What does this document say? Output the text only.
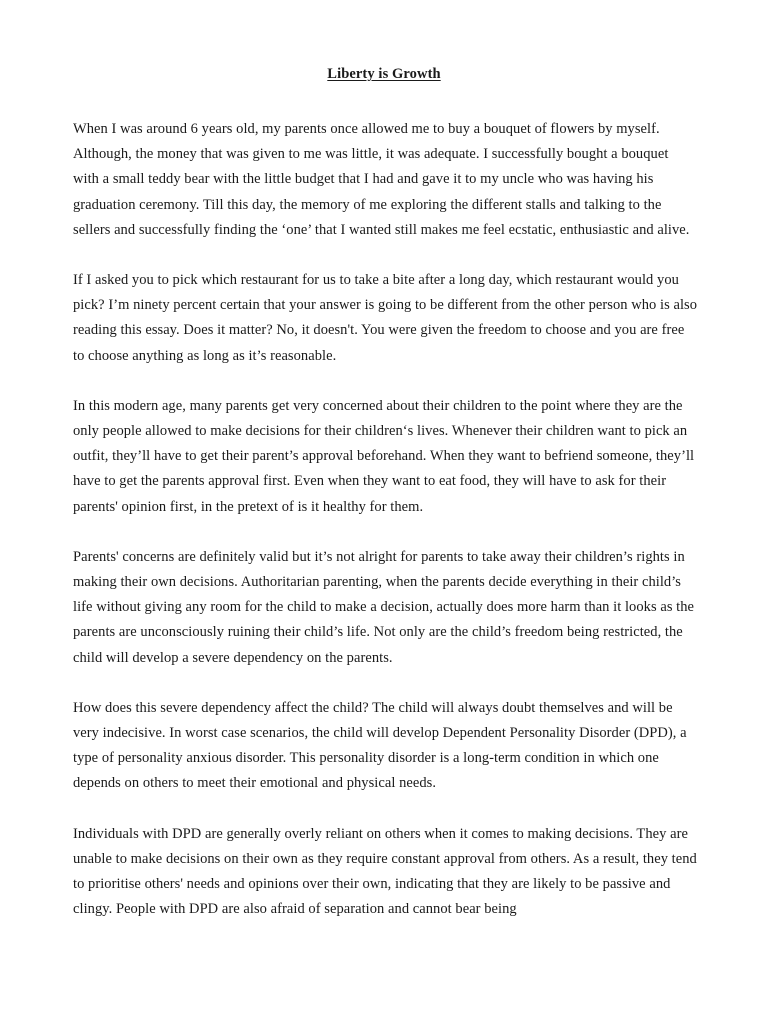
Liberty is Growth

When I was around 6 years old, my parents once allowed me to buy a bouquet of flowers by myself. Although, the money that was given to me was little, it was adequate. I successfully bought a bouquet with a small teddy bear with the little budget that I had and gave it to my uncle who was having his graduation ceremony. Till this day, the memory of me exploring the different stalls and talking to the sellers and successfully finding the ‘one’ that I wanted still makes me feel ecstatic, enthusiastic and alive.

If I asked you to pick which restaurant for us to take a bite after a long day, which restaurant would you pick? I’m ninety percent certain that your answer is going to be different from the other person who is also reading this essay. Does it matter? No, it doesn't. You were given the freedom to choose and you are free to choose anything as long as it’s reasonable.

In this modern age, many parents get very concerned about their children to the point where they are the only people allowed to make decisions for their children‘s lives. Whenever their children want to pick an outfit, they’ll have to get their parent’s approval beforehand. When they want to befriend someone, they’ll have to get the parents approval first. Even when they want to eat food, they will have to ask for their parents' opinion first, in the pretext of is it healthy for them.

Parents' concerns are definitely valid but it’s not alright for parents to take away their children’s rights in making their own decisions. Authoritarian parenting, when the parents decide everything in their child’s life without giving any room for the child to make a decision, actually does more harm than it looks as the parents are unconsciously ruining their child’s life. Not only are the child’s freedom being restricted, the child will develop a severe dependency on the parents.

How does this severe dependency affect the child? The child will always doubt themselves and will be very indecisive. In worst case scenarios, the child will develop Dependent Personality Disorder (DPD), a type of personality anxious disorder. This personality disorder is a long-term condition in which one depends on others to meet their emotional and physical needs.

Individuals with DPD are generally overly reliant on others when it comes to making decisions. They are unable to make decisions on their own as they require constant approval from others. As a result, they tend to prioritise others' needs and opinions over their own, indicating that they are likely to be passive and clingy. People with DPD are also afraid of separation and cannot bear being
